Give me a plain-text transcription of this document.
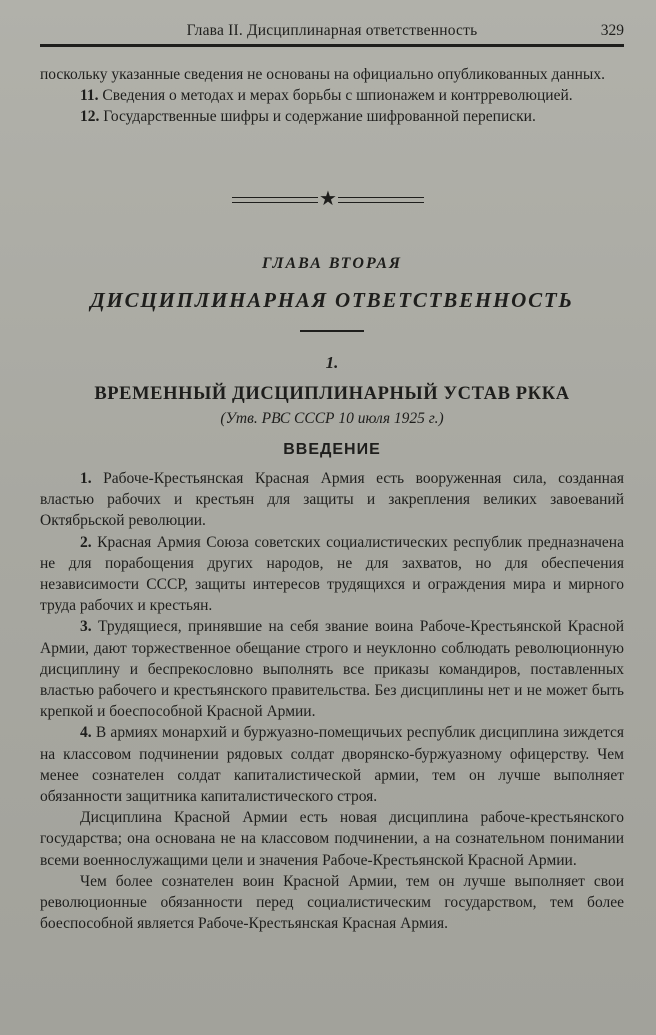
Глава II. Дисциплинарная ответственность	329

поскольку указанные сведения не основаны на официально опубликованных данных.

11. Сведения о методах и мерах борьбы с шпионажем и контрреволюцией.

12. Государственные шифры и содержание шифрованной переписки.

★
ГЛАВА ВТОРАЯ
ДИСЦИПЛИНАРНАЯ ОТВЕТСТВЕННОСТЬ
1.
ВРЕМЕННЫЙ ДИСЦИПЛИНАРНЫЙ УСТАВ РККА
(Утв. РВС СССР 10 июля 1925 г.)
ВВЕДЕНИЕ

1. Рабоче-Крестьянская Красная Армия есть вооруженная сила, созданная властью рабочих и крестьян для защиты и закрепления великих завоеваний Октябрьской революции.

2. Красная Армия Союза советских социалистических республик предназначена не для порабощения других народов, не для захватов, но для обеспечения независимости СССР, защиты интересов трудящихся и ограждения мира и мирного труда рабочих и крестьян.

3. Трудящиеся, принявшие на себя звание воина Рабоче-Крестьянской Красной Армии, дают торжественное обещание строго и неуклонно соблюдать революционную дисциплину и беспрекословно выполнять все приказы командиров, поставленных властью рабочего и крестьянского правительства. Без дисциплины нет и не может быть крепкой и боеспособной Красной Армии.

4. В армиях монархий и буржуазно-помещичьих республик дисциплина зиждется на классовом подчинении рядовых солдат дворянско-буржуазному офицерству. Чем менее сознателен солдат капиталистической армии, тем он лучше выполняет обязанности защитника капиталистического строя.

Дисциплина Красной Армии есть новая дисциплина рабоче-крестьянского государства; она основана не на классовом подчинении, а на сознательном понимании всеми военнослужащими цели и значения Рабоче-Крестьянской Красной Армии.

Чем более сознателен воин Красной Армии, тем он лучше выполняет свои революционные обязанности перед социалистическим государством, тем более боеспособной является Рабоче-Крестьянская Красная Армия.
